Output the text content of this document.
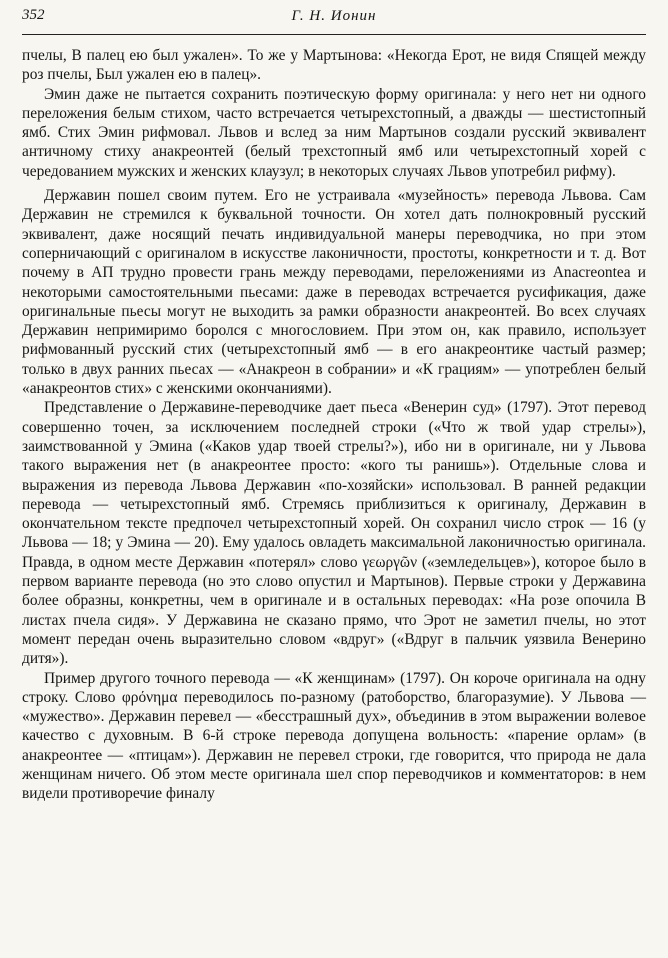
352	Г. Н. Ионин

пчелы, В палец ею был ужален». То же у Мартынова: «Некогда Ерот, не видя Спящей между роз пчелы, Был ужален ею в палец».

Эмин даже не пытается сохранить поэтическую форму оригинала: у него нет ни одного переложения белым стихом, часто встречается четырехстопный, а дважды — шестистопный ямб. Стих Эмин рифмовал. Львов и вслед за ним Мартынов создали русский эквивалент античному стиху анакреонтей (белый трехстопный ямб или четырехстопный хорей с чередованием мужских и женских клаузул; в некоторых случаях Львов употребил рифму).

Державин пошел своим путем. Его не устраивала «музейность» перевода Львова. Сам Державин не стремился к буквальной точности. Он хотел дать полнокровный русский эквивалент, даже носящий печать индивидуальной манеры переводчика, но при этом соперничающий с оригиналом в искусстве лаконичности, простоты, конкретности и т. д. Вот почему в АП трудно провести грань между переводами, переложениями из Anacreontea и некоторыми самостоятельными пьесами: даже в переводах встречается русификация, даже оригинальные пьесы могут не выходить за рамки образности анакреонтей. Во всех случаях Державин непримиримо боролся с многословием. При этом он, как правило, использует рифмованный русский стих (четырехстопный ямб — в его анакреонтике частый размер; только в двух ранних пьесах — «Анакреон в собрании» и «К грациям» — употреблен белый «анакреонтов стих» с женскими окончаниями).

Представление о Державине-переводчике дает пьеса «Венерин суд» (1797). Этот перевод совершенно точен, за исключением последней строки («Что ж твой удар стрелы»), заимствованной у Эмина («Каков удар твоей стрелы?»), ибо ни в оригинале, ни у Львова такого выражения нет (в анакреонтее просто: «кого ты ранишь»). Отдельные слова и выражения из перевода Львова Державин «по-хозяйски» использовал. В ранней редакции перевода — четырехстопный ямб. Стремясь приблизиться к оригиналу, Державин в окончательном тексте предпочел четырехстопный хорей. Он сохранил число строк — 16 (у Львова — 18; у Эмина — 20). Ему удалось овладеть максимальной лаконичностью оригинала. Правда, в одном месте Державин «потерял» слово γεωργῶν («земледельцев»), которое было в первом варианте перевода (но это слово опустил и Мартынов). Первые строки у Державина более образны, конкретны, чем в оригинале и в остальных переводах: «На розе опочила В листах пчела сидя». У Державина не сказано прямо, что Эрот не заметил пчелы, но этот момент передан очень выразительно словом «вдруг» («Вдруг в пальчик уязвила Венерино дитя»).

Пример другого точного перевода — «К женщинам» (1797). Он короче оригинала на одну строку. Слово φρόνημα переводилось по-разному (ратоборство, благоразумие). У Львова — «мужество». Державин перевел — «бесстрашный дух», объединив в этом выражении волевое качество с духовным. В 6-й строке перевода допущена вольность: «парение орлам» (в анакреонтее — «птицам»). Державин не перевел строки, где говорится, что природа не дала женщинам ничего. Об этом месте оригинала шел спор переводчиков и комментаторов: в нем видели противоречие финалу
